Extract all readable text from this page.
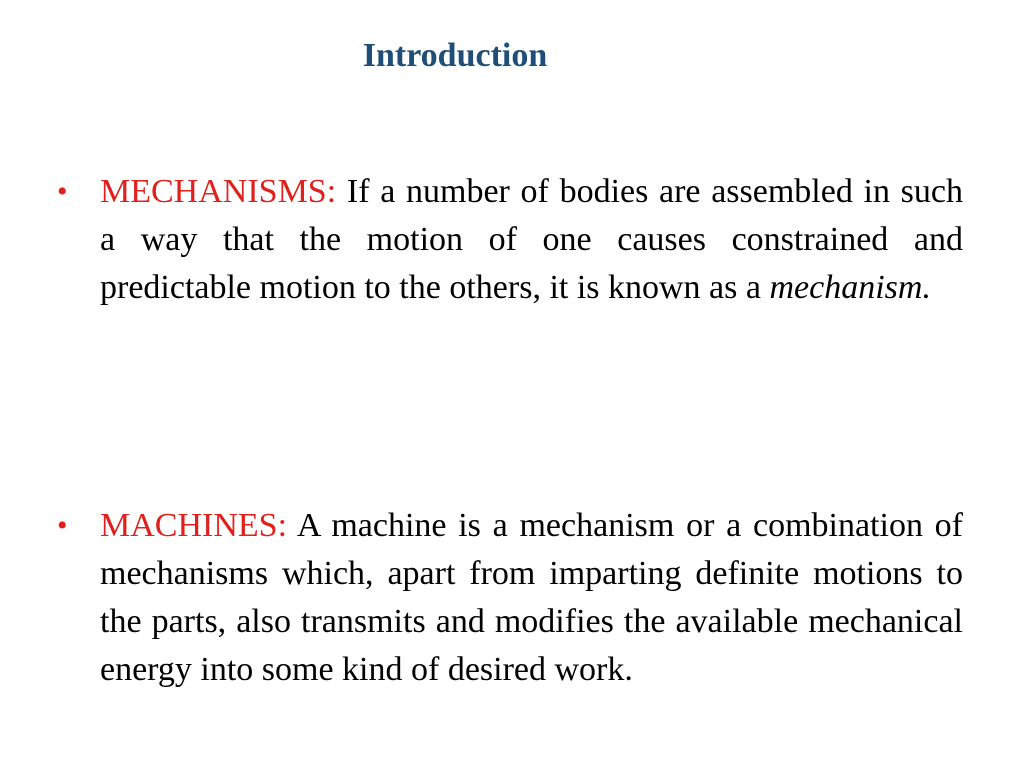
Introduction
• MECHANISMS: If a number of bodies are assembled in such a way that the motion of one causes constrained and predictable motion to the others, it is known as a mechanism.
• MACHINES: A machine is a mechanism or a combination of mechanisms which, apart from imparting definite motions to the parts, also transmits and modifies the available mechanical energy into some kind of desired work.
